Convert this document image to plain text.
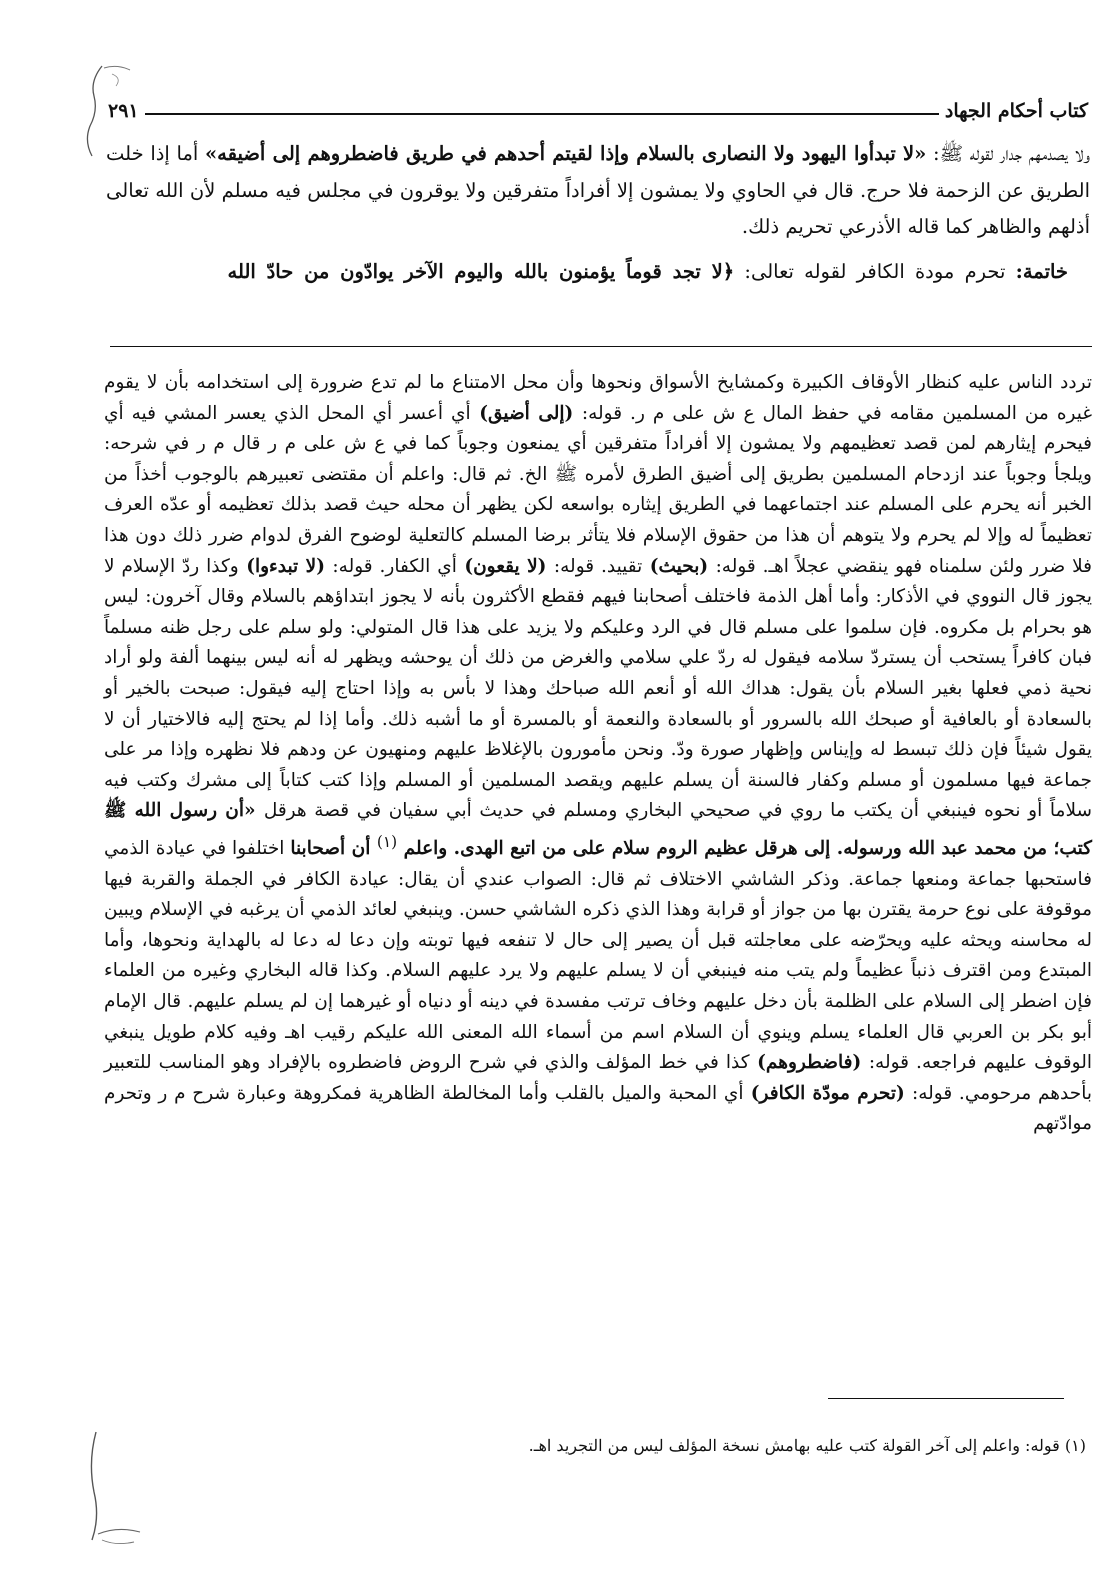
كتاب أحكام الجهاد
٢٩١

ولا يصدمهم جدار لقوله ﷺ: «لا تبدأوا اليهود ولا النصارى بالسلام وإذا لقيتم أحدهم في طريق فاضطروهم إلى أضيقه» أما إذا خلت الطريق عن الزحمة فلا حرج. قال في الحاوي ولا يمشون إلا أفراداً متفرقين ولا يوقرون في مجلس فيه مسلم لأن الله تعالى أذلهم والظاهر كما قاله الأذرعي تحريم ذلك.

خاتمة: تحرم مودة الكافر لقوله تعالى: ﴿لا تجد قوماً يؤمنون بالله واليوم الآخر يوادّون من حادّ الله

تردد الناس عليه كنظار الأوقاف الكبيرة وكمشايخ الأسواق ونحوها وأن محل الامتناع ما لم تدع ضرورة إلى استخدامه بأن لا يقوم غيره من المسلمين مقامه في حفظ المال ع ش على م ر. قوله: (إلى أضيق) أي أعسر أي المحل الذي يعسر المشي فيه أي فيحرم إيثارهم لمن قصد تعظيمهم ولا يمشون إلا أفراداً متفرقين أي يمنعون وجوباً كما في ع ش على م ر قال م ر في شرحه: ويلجأ وجوباً عند ازدحام المسلمين بطريق إلى أضيق الطرق لأمره ﷺ الخ. ثم قال: واعلم أن مقتضى تعبيرهم بالوجوب أخذاً من الخبر أنه يحرم على المسلم عند اجتماعهما في الطريق إيثاره بواسعه لكن يظهر أن محله حيث قصد بذلك تعظيمه أو عدّه العرف تعظيماً له وإلا لم يحرم ولا يتوهم أن هذا من حقوق الإسلام فلا يتأثر برضا المسلم كالتعلية لوضوح الفرق لدوام ضرر ذلك دون هذا فلا ضرر ولئن سلمناه فهو ينقضي عجلاً اهـ. قوله: (بحيث) تقييد. قوله: (لا يقعون) أي الكفار. قوله: (لا تبدءوا) وكذا ردّ الإسلام لا يجوز قال النووي في الأذكار: وأما أهل الذمة فاختلف أصحابنا فيهم فقطع الأكثرون بأنه لا يجوز ابتداؤهم بالسلام وقال آخرون: ليس هو بحرام بل مكروه. فإن سلموا على مسلم قال في الرد وعليكم ولا يزيد على هذا قال المتولي: ولو سلم على رجل ظنه مسلماً فبان كافراً يستحب أن يستردّ سلامه فيقول له ردّ علي سلامي والغرض من ذلك أن يوحشه ويظهر له أنه ليس بينهما ألفة ولو أراد نحية ذمي فعلها بغير السلام بأن يقول: هداك الله أو أنعم الله صباحك وهذا لا بأس به وإذا احتاج إليه فيقول: صبحت بالخير أو بالسعادة أو بالعافية أو صبحك الله بالسرور أو بالسعادة والنعمة أو بالمسرة أو ما أشبه ذلك. وأما إذا لم يحتج إليه فالاختيار أن لا يقول شيئاً فإن ذلك تبسط له وإيناس وإظهار صورة ودّ. ونحن مأمورون بالإغلاظ عليهم ومنهيون عن ودهم فلا نظهره وإذا مر على جماعة فيها مسلمون أو مسلم وكفار فالسنة أن يسلم عليهم ويقصد المسلمين أو المسلم وإذا كتب كتاباً إلى مشرك وكتب فيه سلاماً أو نحوه فينبغي أن يكتب ما روي في صحيحي البخاري ومسلم في حديث أبي سفيان في قصة هرقل «أن رسول الله ﷺ كتب؛ من محمد عبد الله ورسوله. إلى هرقل عظيم الروم سلام على من اتبع الهدى. واعلم $^{(١)}$ أن أصحابنا اختلفوا في عيادة الذمي فاستحبها جماعة ومنعها جماعة. وذكر الشاشي الاختلاف ثم قال: الصواب عندي أن يقال: عيادة الكافر في الجملة والقربة فيها موقوفة على نوع حرمة يقترن بها من جواز أو قرابة وهذا الذي ذكره الشاشي حسن. وينبغي لعائد الذمي أن يرغبه في الإسلام ويبين له محاسنه ويحثه عليه ويحرّضه على معاجلته قبل أن يصير إلى حال لا تنفعه فيها توبته وإن دعا له دعا له بالهداية ونحوها، وأما المبتدع ومن اقترف ذنباً عظيماً ولم يتب منه فينبغي أن لا يسلم عليهم ولا يرد عليهم السلام. وكذا قاله البخاري وغيره من العلماء فإن اضطر إلى السلام على الظلمة بأن دخل عليهم وخاف ترتب مفسدة في دينه أو دنياه أو غيرهما إن لم يسلم عليهم. قال الإمام أبو بكر بن العربي قال العلماء يسلم وينوي أن السلام اسم من أسماء الله المعنى الله عليكم رقيب اهـ وفيه كلام طويل ينبغي الوقوف عليهم فراجعه. قوله: (فاضطروهم) كذا في خط المؤلف والذي في شرح الروض فاضطروه بالإفراد وهو المناسب للتعبير بأحدهم مرحومي. قوله: (تحرم مودّة الكافر) أي المحبة والميل بالقلب وأما المخالطة الظاهرية فمكروهة وعبارة شرح م ر وتحرم موادّتهم

(١) قوله: واعلم إلى آخر القولة كتب عليه بهامش نسخة المؤلف ليس من التجريد اهـ.
